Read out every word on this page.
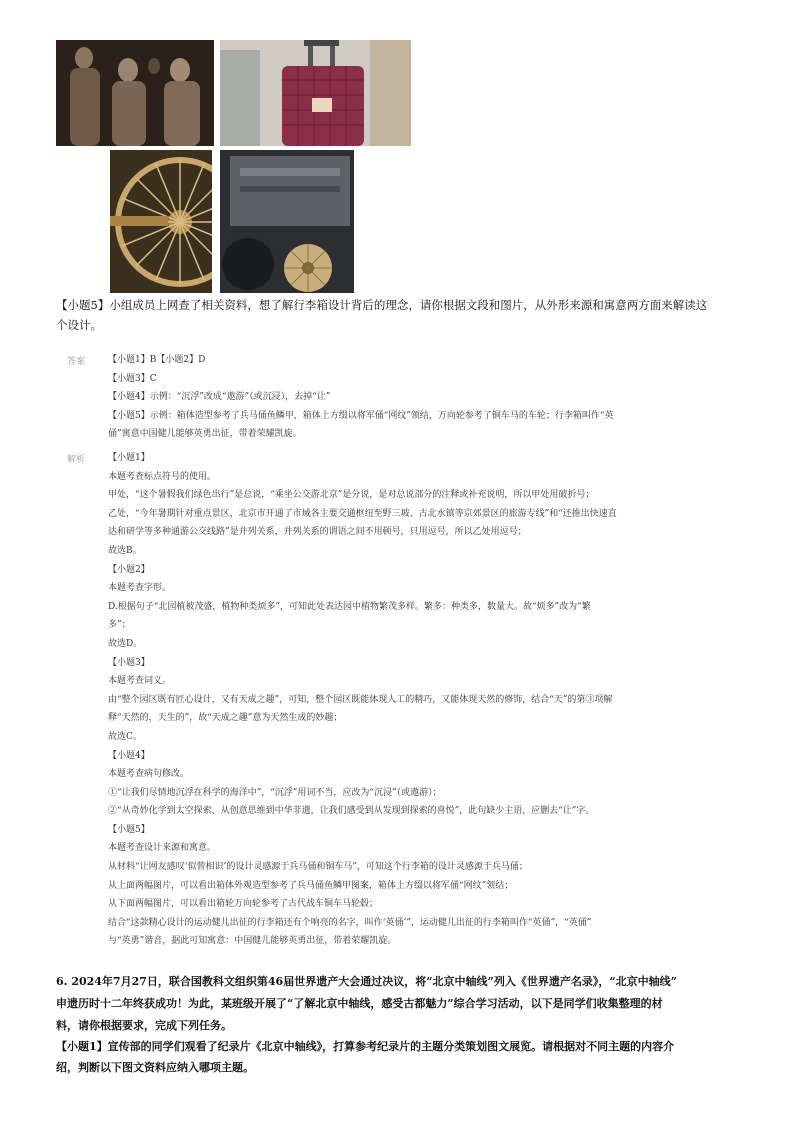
【小题5】小组成员上网查了相关资料，想了解行李箱设计背后的理念，请你根据文段和图片，从外形来源和寓意两方面来解读这
个设计。
答案	【小题1】B【小题2】D
【小题3】C
【小题4】示例：“沉浮”改成“遨游”（或沉浸），去掉“让”
【小题5】示例：箱体造型参考了兵马俑鱼鳞甲，箱体上方缀以将军俑“网纹”领结，万向轮参考了铜车马的车轮；行李箱叫作“英
俑”寓意中国健儿能够英勇出征，带着荣耀凯旋。
解析	【小题1】
本题考查标点符号的使用。
甲处，“这个暑假我们绿色出行”是总说，“乘坐公交游北京”是分说，是对总说部分的注释或补充说明，所以甲处用破折号；
乙处，“今年暑期针对重点景区，北京市开通了市域各主要交通枢纽至野三坡、古北水镇等京郊景区的旅游专线”和“还推出快速直
达和研学等多种通游公交线路”是并列关系，并列关系的谓语之间不用顿号，只用逗号，所以乙处用逗号；
故选B。
【小题2】
本题考查字形。
D.根据句子“北园植被茂盛，植物种类烦多”，可知此处表达园中植物繁茂多样。繁多：种类多，数量大。故“烦多”改为“繁
多”；
故选D。
【小题3】
本题考查词义。
由“整个园区既有匠心设计，又有天成之趣”，可知，整个园区既能体现人工的精巧，又能体现天然的修饰，结合“天”的第③项解
释“天然的，天生的”，故“天成之趣”意为天然生成的妙趣；
故选C。
【小题4】
本题考查病句修改。
①“让我们尽情地沉浮在科学的海洋中”，“沉浮”用词不当，应改为“沉浸”（或遨游）；
②“从奇妙化学到太空探索，从创意思维到中华非遗，让我们感受到从发现到探索的喜悦”，此句缺少主语，应删去“让”字。
【小题5】
本题考查设计来源和寓意。
从材料“让网友感叹‘似曾相识’的设计灵感源于兵马俑和铜车马”，可知这个行李箱的设计灵感源于兵马俑；
从上面两幅图片，可以看出箱体外观造型参考了兵马俑鱼鳞甲图案，箱体上方缀以将军俑“网纹”领结；
从下面两幅图片，可以看出箱轮万向轮参考了古代战车铜车马轮毂；
结合“这款精心设计的运动健儿出征的行李箱还有个响亮的名字，叫作‘英俑’”，运动健儿出征的行李箱叫作“英俑”，“英俑”
与“英勇”谐音，据此可知寓意：中国健儿能够英勇出征，带着荣耀凯旋。
6. 2024年7月27日，联合国教科文组织第46届世界遗产大会通过决议，将“北京中轴线”列入《世界遗产名录》，“北京中轴线”
申遗历时十二年终获成功！为此，某班级开展了“了解北京中轴线，感受古都魅力”综合学习活动，以下是同学们收集整理的材
料，请你根据要求，完成下列任务。
【小题1】宣传部的同学们观看了纪录片《北京中轴线》，打算参考纪录片的主题分类策划图文展览。请根据对不同主题的内容介
绍，判断以下图文资料应纳入哪项主题。
